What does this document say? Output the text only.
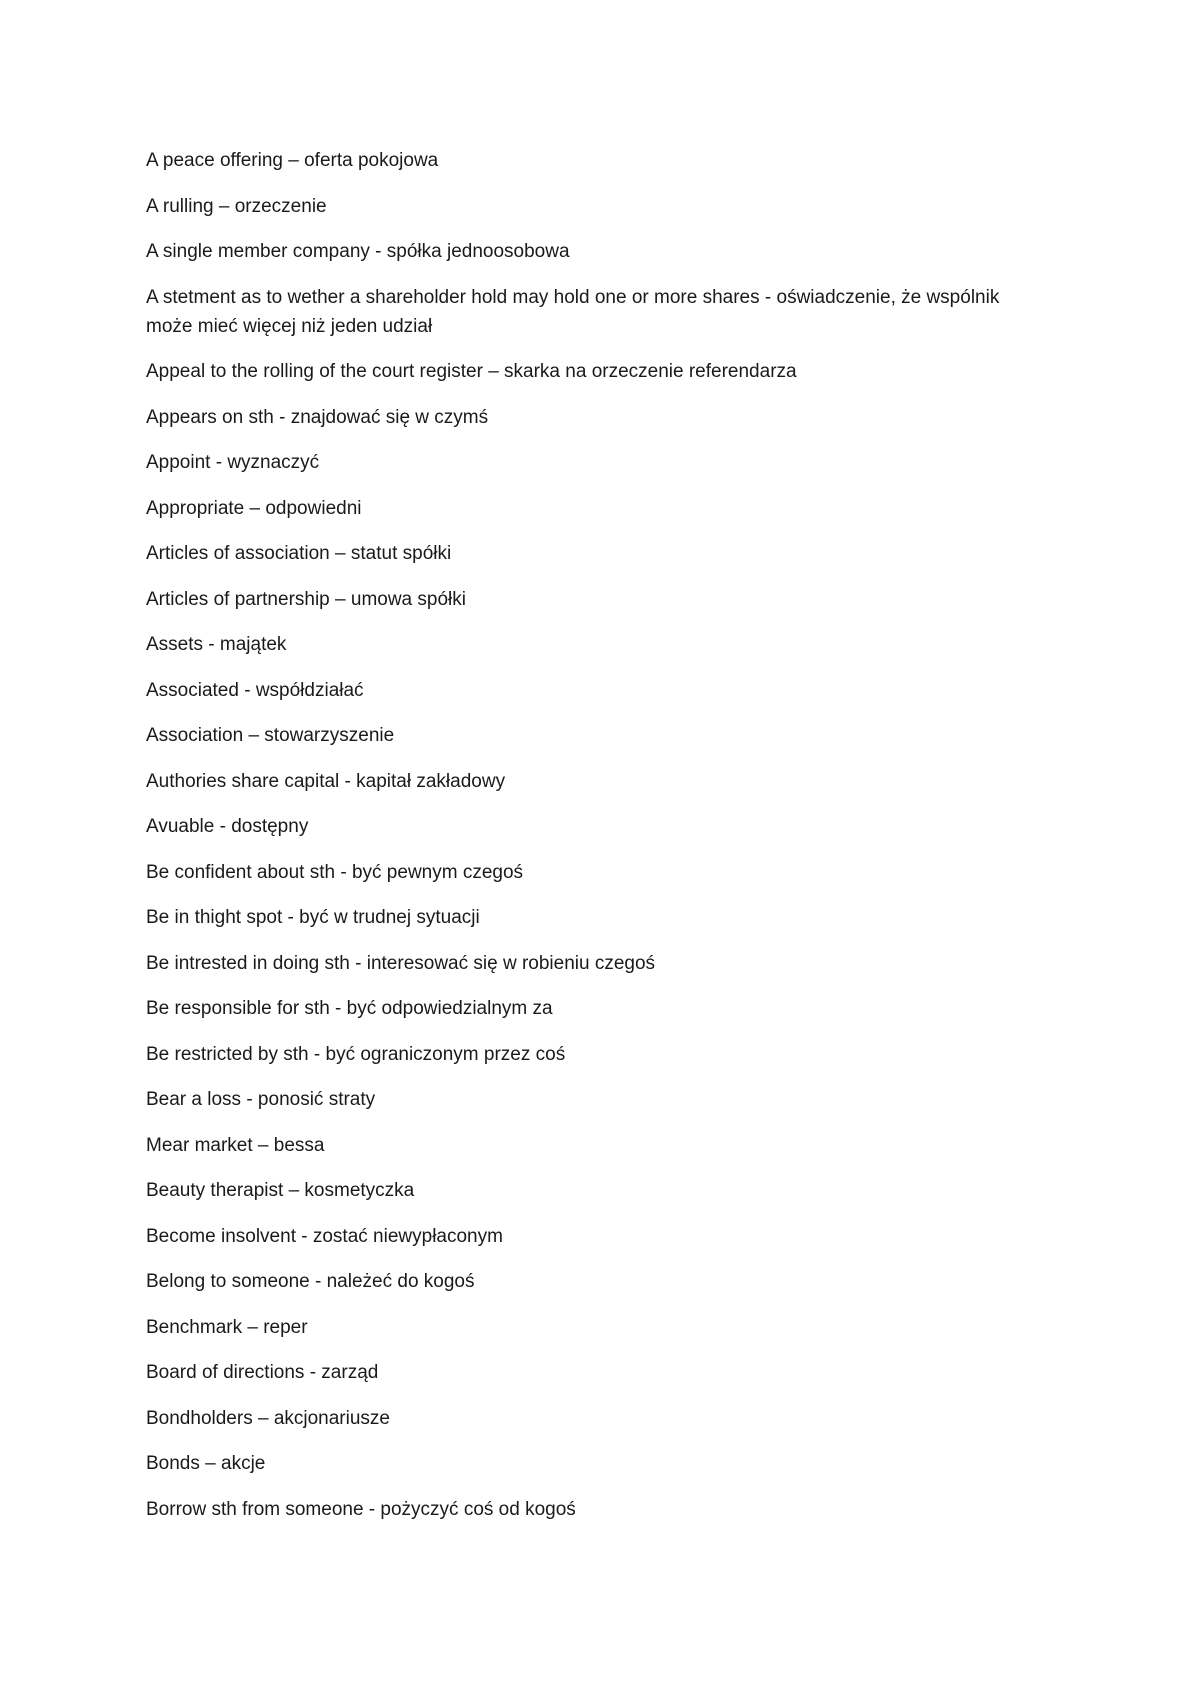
A peace offering – oferta pokojowa
A rulling – orzeczenie
A single member company - spółka jednoosobowa
A stetment as to wether a shareholder hold may hold one or more shares - oświadczenie, że wspólnik może mieć więcej niż jeden udział
Appeal to the rolling of the court register – skarka na orzeczenie referendarza
Appears on sth - znajdować się w czymś
Appoint - wyznaczyć
Appropriate – odpowiedni
Articles of association – statut spółki
Articles of partnership – umowa spółki
Assets - majątek
Associated - współdziałać
Association – stowarzyszenie
Authories share capital - kapitał zakładowy
Avuable - dostępny
Be confident about sth - być pewnym czegoś
Be in thight spot - być w trudnej sytuacji
Be intrested in doing sth - interesować się w robieniu czegoś
Be responsible for sth - być odpowiedzialnym za
Be restricted by sth - być ograniczonym przez coś
Bear a loss - ponosić straty
Mear market – bessa
Beauty therapist – kosmetyczka
Become insolvent - zostać niewypłaconym
Belong to someone - należeć do kogoś
Benchmark – reper
Board of directions - zarząd
Bondholders – akcjonariusze
Bonds – akcje
Borrow sth from someone - pożyczyć coś od kogoś
